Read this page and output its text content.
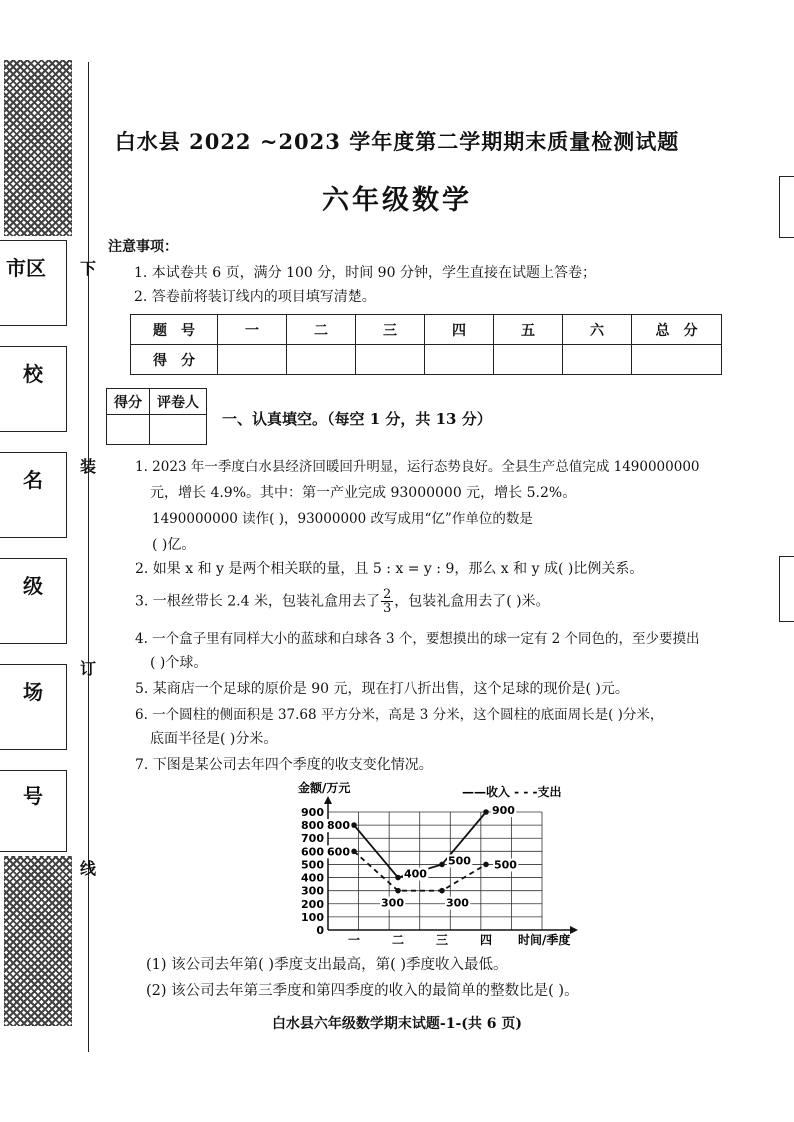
市区
校
名
级
场
号
下
装
订
线
白水县 2022 ~2023 学年度第二学期期末质量检测试题
六年级数学
注意事项：
1. 本试卷共 6 页，满分 100 分，时间 90 分钟，学生直接在试题上答卷；
2. 答卷前将装订线内的项目填写清楚。
题　号	一	二	三	四	五	六	总　分
得　分							
得分	评卷人

一、认真填空。（每空 1 分，共 13 分）
1. 2023 年一季度白水县经济回暖回升明显，运行态势良好。全县生产总值完成 1490000000
元，增长 4.9%。其中：第一产业完成 93000000 元，增长 5.2%。
1490000000 读作( )，93000000 改写成用“亿”作单位的数是
( )亿。
2. 如果 x 和 y 是两个相关联的量，且 5 : x = y : 9，那么 x 和 y 成( )比例关系。
3. 一根丝带长 2.4 米，包装礼盒用去了 $\frac{2}{3}$ ，包装礼盒用去了( )米。
4. 一个盒子里有同样大小的蓝球和白球各 3 个，要想摸出的球一定有 2 个同色的，至少要摸出
( )个球。
5. 某商店一个足球的原价是 90 元，现在打八折出售，这个足球的现价是( )元。
6. 一个圆柱的侧面积是 37.68 平方分米，高是 3 分米，这个圆柱的底面周长是( )分米，
底面半径是( )分米。
7. 下图是某公司去年四个季度的收支变化情况。
金额/万元	——收入 - - -支出
时间/季度
0
100
200
300
400
500
600
700
800
900
一	二	三	四
800
400
500
900
600
300	300
500
(1) 该公司去年第( )季度支出最高，第( )季度收入最低。
(2) 该公司去年第三季度和第四季度的收入的最简单的整数比是( )。
白水县六年级数学期末试题-1-(共 6 页)
